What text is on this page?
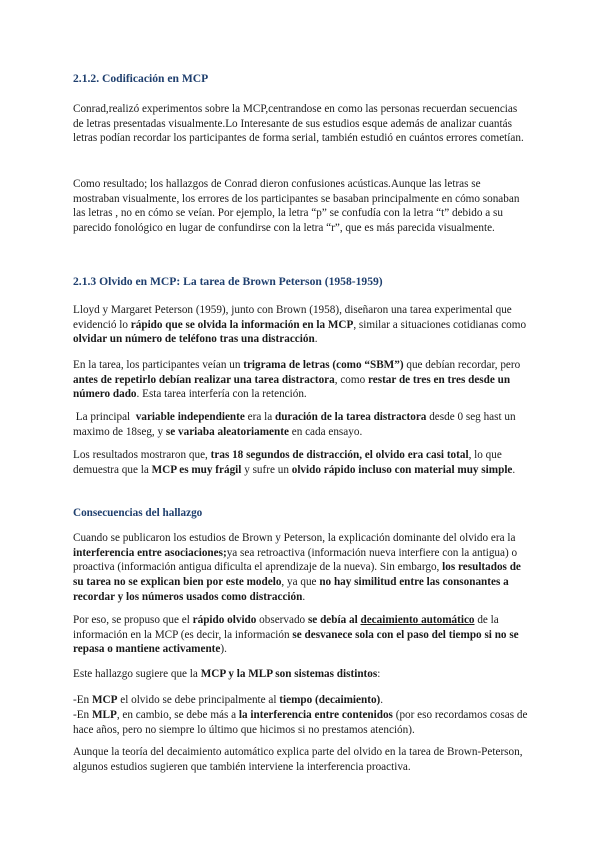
2.1.2. Codificación en MCP

Conrad,realizó experimentos sobre la MCP,centrandose en como las personas recuerdan secuencias de letras presentadas visualmente.Lo Interesante de sus estudios esque además de analizar cuantás letras podían recordar los participantes de forma serial, también estudió en cuántos errores cometían.

Como resultado; los hallazgos de Conrad dieron confusiones acústicas.Aunque las letras se mostraban visualmente, los errores de los participantes se basaban principalmente en cómo sonaban las letras , no en cómo se veían. Por ejemplo, la letra “p” se confudía con la letra “t” debido a su parecido fonológico en lugar de confundirse con la letra “r”, que es más parecida visualmente.

2.1.3 Olvido en MCP: La tarea de Brown Peterson (1958-1959)

Lloyd y Margaret Peterson (1959), junto con Brown (1958), diseñaron una tarea experimental que evidenció lo rápido que se olvida la información en la MCP, similar a situaciones cotidianas como olvidar un número de teléfono tras una distracción.

En la tarea, los participantes veían un trigrama de letras (como “SBM”) que debían recordar, pero antes de repetirlo debían realizar una tarea distractora, como restar de tres en tres desde un número dado. Esta tarea interfería con la retención.

La principal  variable independiente era la duración de la tarea distractora desde 0 seg hast un maximo de 18seg, y se variaba aleatoriamente en cada ensayo.

Los resultados mostraron que, tras 18 segundos de distracción, el olvido era casi total, lo que demuestra que la MCP es muy frágil y sufre un olvido rápido incluso con material muy simple.

Consecuencias del hallazgo

Cuando se publicaron los estudios de Brown y Peterson, la explicación dominante del olvido era la interferencia entre asociaciones;ya sea retroactiva (información nueva interfiere con la antigua) o proactiva (información antigua dificulta el aprendizaje de la nueva). Sin embargo, los resultados de su tarea no se explican bien por este modelo, ya que no hay similitud entre las consonantes a recordar y los números usados como distracción.

Por eso, se propuso que el rápido olvido observado se debía al decaimiento automático de la información en la MCP (es decir, la información se desvanece sola con el paso del tiempo si no se repasa o mantiene activamente).

Este hallazgo sugiere que la MCP y la MLP son sistemas distintos:

-En MCP el olvido se debe principalmente al tiempo (decaimiento).

-En MLP, en cambio, se debe más a la interferencia entre contenidos (por eso recordamos cosas de hace años, pero no siempre lo último que hicimos si no prestamos atención).

Aunque la teoría del decaimiento automático explica parte del olvido en la tarea de Brown-Peterson, algunos estudios sugieren que también interviene la interferencia proactiva.
